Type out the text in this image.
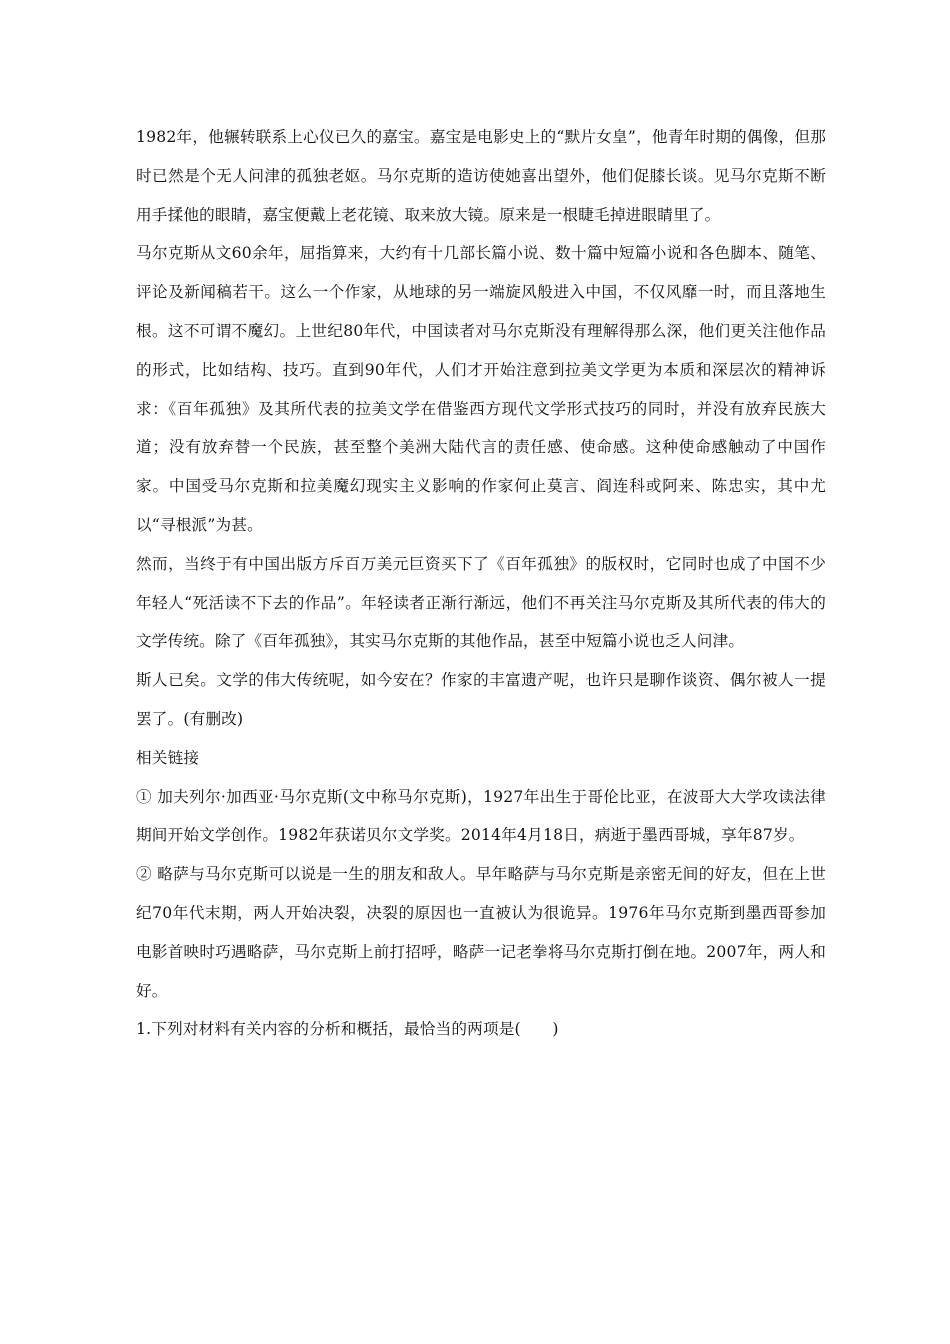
1982年，他辗转联系上心仪已久的嘉宝。嘉宝是电影史上的“默片女皇”，他青年时期的偶像，但那时已然是个无人问津的孤独老妪。马尔克斯的造访使她喜出望外，他们促膝长谈。见马尔克斯不断用手揉他的眼睛，嘉宝便戴上老花镜、取来放大镜。原来是一根睫毛掉进眼睛里了。

马尔克斯从文60余年，屈指算来，大约有十几部长篇小说、数十篇中短篇小说和各色脚本、随笔、评论及新闻稿若干。这么一个作家，从地球的另一端旋风般进入中国，不仅风靡一时，而且落地生根。这不可谓不魔幻。上世纪80年代，中国读者对马尔克斯没有理解得那么深，他们更关注他作品的形式，比如结构、技巧。直到90年代，人们才开始注意到拉美文学更为本质和深层次的精神诉求：《百年孤独》及其所代表的拉美文学在借鉴西方现代文学形式技巧的同时，并没有放弃民族大道；没有放弃替一个民族，甚至整个美洲大陆代言的责任感、使命感。这种使命感触动了中国作家。中国受马尔克斯和拉美魔幻现实主义影响的作家何止莫言、阎连科或阿来、陈忠实，其中尤以“寻根派”为甚。

然而，当终于有中国出版方斥百万美元巨资买下了《百年孤独》的版权时，它同时也成了中国不少年轻人“死活读不下去的作品”。年轻读者正渐行渐远，他们不再关注马尔克斯及其所代表的伟大的文学传统。除了《百年孤独》，其实马尔克斯的其他作品，甚至中短篇小说也乏人问津。

斯人已矣。文学的伟大传统呢，如今安在？作家的丰富遗产呢，也许只是聊作谈资、偶尔被人一提罢了。(有删改)

相关链接

① 加夫列尔·加西亚·马尔克斯(文中称马尔克斯)，1927年出生于哥伦比亚，在波哥大大学攻读法律期间开始文学创作。1982年获诺贝尔文学奖。2014年4月18日，病逝于墨西哥城，享年87岁。

② 略萨与马尔克斯可以说是一生的朋友和敌人。早年略萨与马尔克斯是亲密无间的好友，但在上世纪70年代末期，两人开始决裂，决裂的原因也一直被认为很诡异。1976年马尔克斯到墨西哥参加电影首映时巧遇略萨，马尔克斯上前打招呼，略萨一记老拳将马尔克斯打倒在地。2007年，两人和好。

1.下列对材料有关内容的分析和概括，最恰当的两项是(　　)
